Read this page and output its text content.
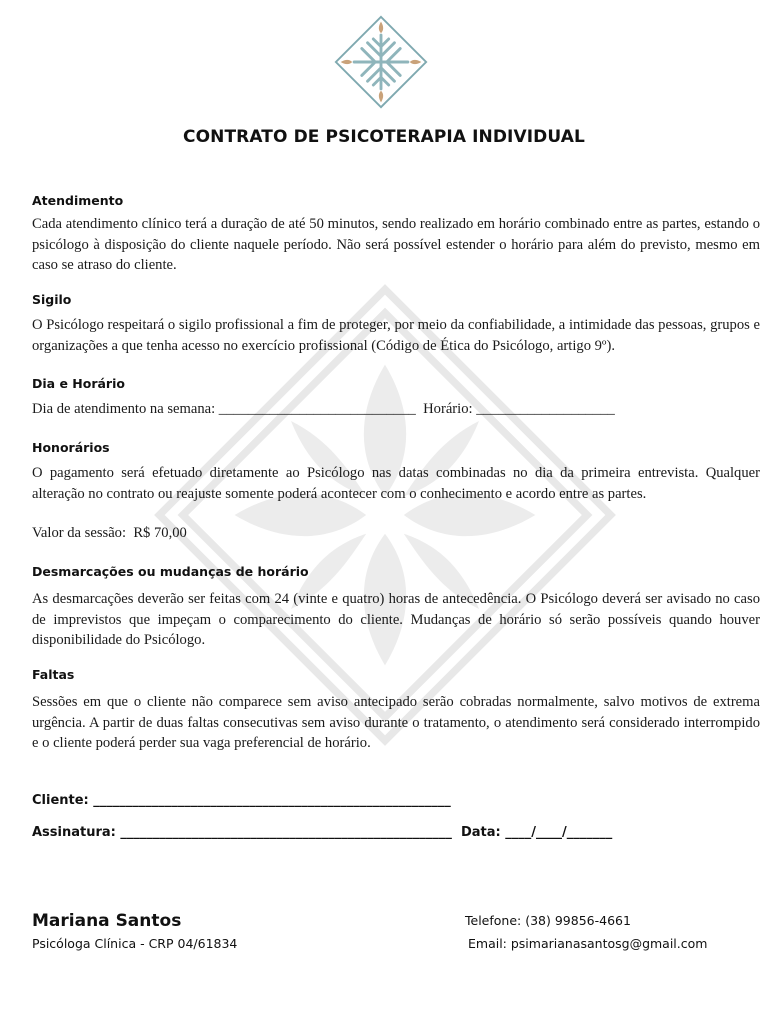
CONTRATO DE PSICOTERAPIA INDIVIDUAL
Atendimento
Cada atendimento clínico terá a duração de até 50 minutos, sendo realizado em horário combinado entre as partes, estando o psicólogo à disposição do cliente naquele período. Não será possível estender o horário para além do previsto, mesmo em caso se atraso do cliente.
Sigilo
O Psicólogo respeitará o sigilo profissional a fim de proteger, por meio da confiabilidade, a intimidade das pessoas, grupos e organizações a que tenha acesso no exercício profissional (Código de Ética do Psicólogo, artigo 9º).
Dia e Horário
Dia de atendimento na semana: ___________________________  Horário: ___________________
Honorários
O pagamento será efetuado diretamente ao Psicólogo nas datas combinadas no dia da primeira entrevista. Qualquer alteração no contrato ou reajuste somente poderá acontecer com o conhecimento e acordo entre as partes.
Valor da sessão:  R$ 70,00
Desmarcações ou mudanças de horário
As desmarcações deverão ser feitas com 24 (vinte e quatro) horas de antecedência. O Psicólogo deverá ser avisado no caso de imprevistos que impeçam o comparecimento do cliente. Mudanças de horário só serão possíveis quando houver disponibilidade do Psicólogo.
Faltas
Sessões em que o cliente não comparece sem aviso antecipado serão cobradas normalmente, salvo motivos de extrema urgência. A partir de duas faltas consecutivas sem aviso durante o tratamento, o atendimento será considerado interrompido e o cliente poderá perder sua vaga preferencial de horário.
Cliente: _______________________________________________________
Assinatura: ___________________________________________________  Data: ____/____/_______
Mariana Santos
Psicóloga Clínica - CRP 04/61834
Telefone: (38) 99856-4661
Email: psimarianasantosg@gmail.com
